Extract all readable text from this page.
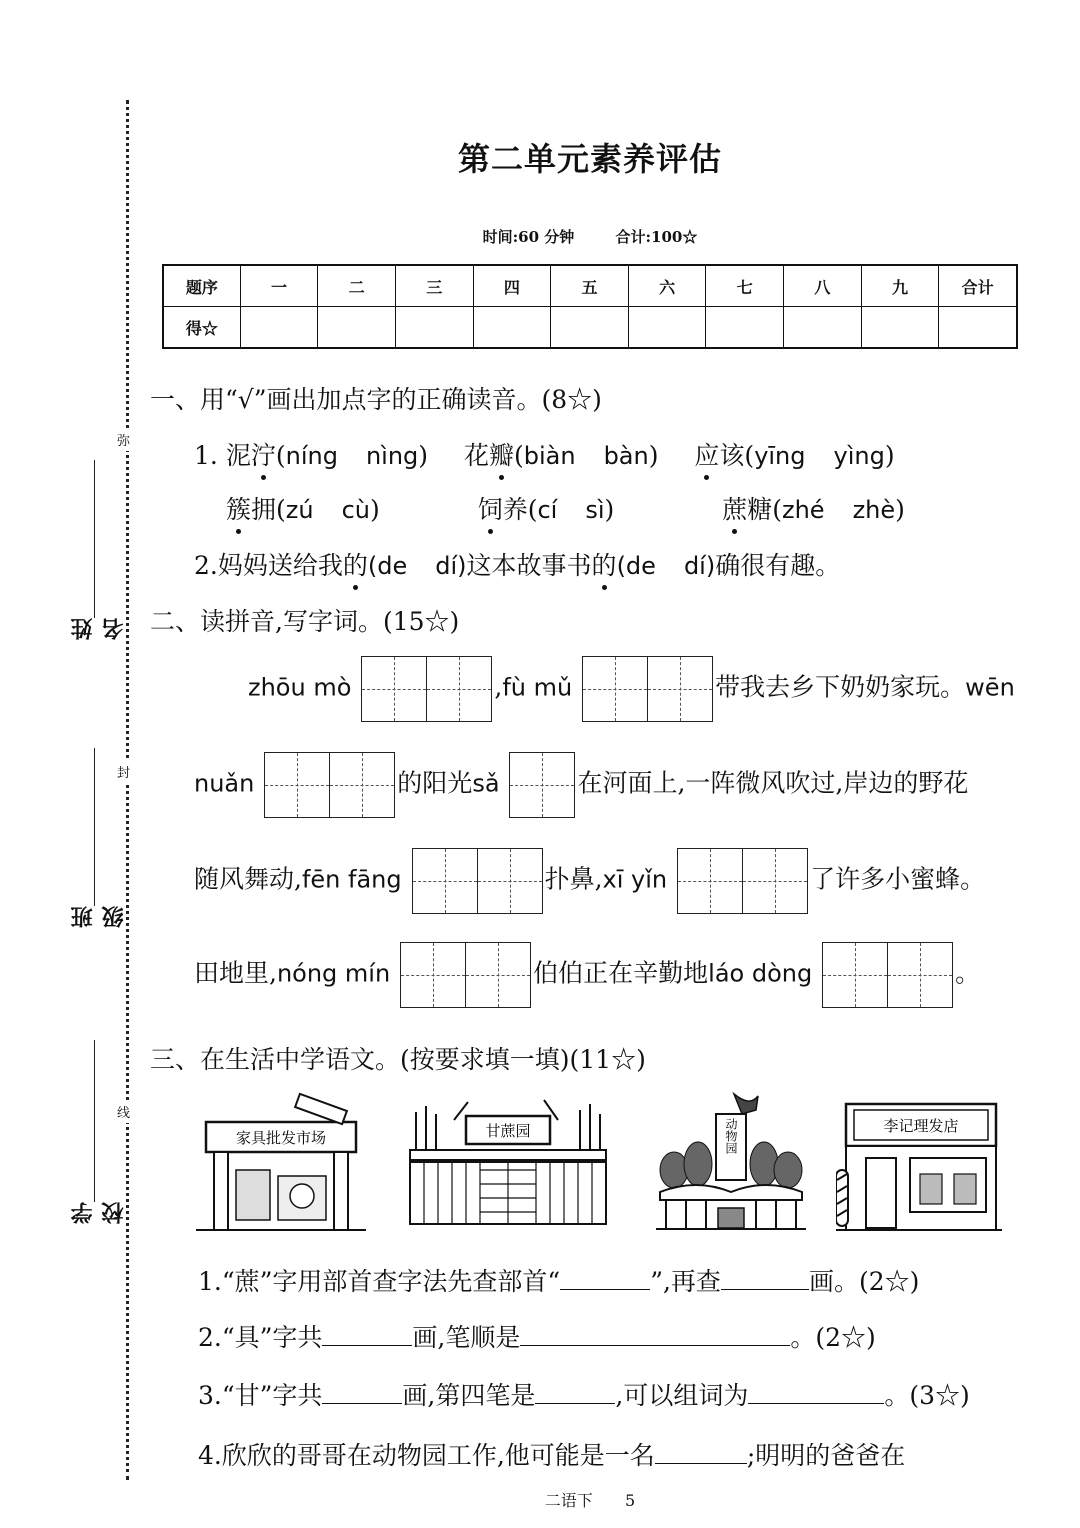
弥
封
线
姓名
班级
学校
第二单元素养评估
时间:60 分钟	合计:100☆
题序	一	二	三	四	五	六	七	八	九	合计
得☆										
一、用“√”画出加点字的正确读音。(8☆)
1. 泥泞(níng nìng) 花瓣(biàn bàn) 应该(yīng yìng)
簇拥(zú cù)	饲养(cí sì)	蔗糖(zhé zhè)
2.妈妈送给我的(de dí)这本故事书的(de dí)确很有趣。
二、读拼音,写字词。(15☆)
zhōu mò	,fù mǔ	带我去乡下奶奶家玩。wēn
nuǎn	的阳光sǎ	在河面上,一阵微风吹过,岸边的野花
随风舞动,fēn fāng	扑鼻,xī yǐn	了许多小蜜蜂。
田地里,nóng mín	伯伯正在辛勤地láo dòng	。
三、在生活中学语文。(按要求填一填)(11☆)
家具批发市场	甘蔗园	动物园	李记理发店
1.“蔗”字用部首查字法先查部首“	”,再查	画。(2☆)
2.“具”字共	画,笔顺是	。(2☆)
3.“甘”字共	画,第四笔是	,可以组词为	。(3☆)
4.欣欣的哥哥在动物园工作,他可能是一名	;明明的爸爸在
二语下 5
